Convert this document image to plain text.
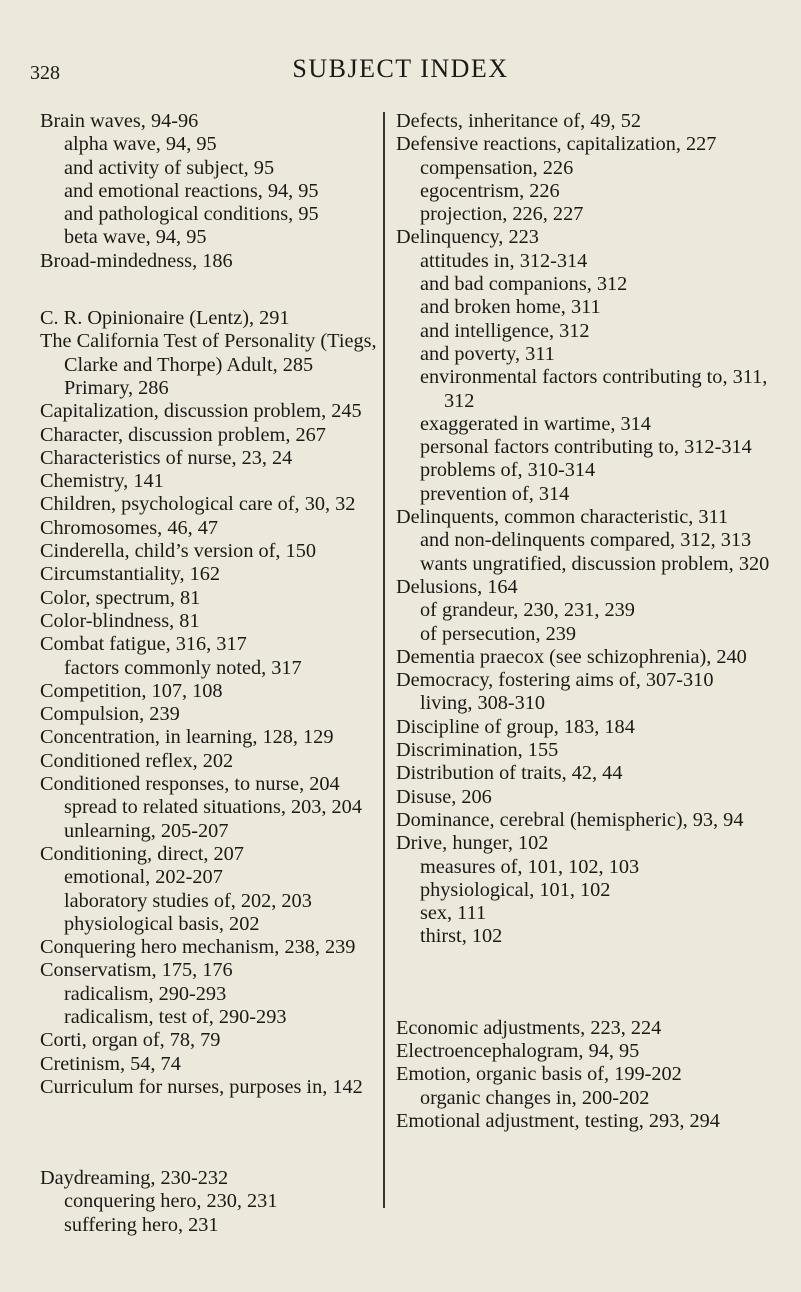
328	SUBJECT INDEX
Brain waves, 94-96
alpha wave, 94, 95
and activity of subject, 95
and emotional reactions, 94, 95
and pathological conditions, 95
beta wave, 94, 95
Broad-mindedness, 186
C. R. Opinionaire (Lentz), 291
The California Test of Personality (Tiegs, Clarke and Thorpe) Adult, 285
Primary, 286
Capitalization, discussion problem, 245
Character, discussion problem, 267
Characteristics of nurse, 23, 24
Chemistry, 141
Children, psychological care of, 30, 32
Chromosomes, 46, 47
Cinderella, child’s version of, 150
Circumstantiality, 162
Color, spectrum, 81
Color-blindness, 81
Combat fatigue, 316, 317
factors commonly noted, 317
Competition, 107, 108
Compulsion, 239
Concentration, in learning, 128, 129
Conditioned reflex, 202
Conditioned responses, to nurse, 204
spread to related situations, 203, 204
unlearning, 205-207
Conditioning, direct, 207
emotional, 202-207
laboratory studies of, 202, 203
physiological basis, 202
Conquering hero mechanism, 238, 239
Conservatism, 175, 176
radicalism, 290-293
radicalism, test of, 290-293
Corti, organ of, 78, 79
Cretinism, 54, 74
Curriculum for nurses, purposes in, 142
Daydreaming, 230-232
conquering hero, 230, 231
suffering hero, 231
Defects, inheritance of, 49, 52
Defensive reactions, capitalization, 227
compensation, 226
egocentrism, 226
projection, 226, 227
Delinquency, 223
attitudes in, 312-314
and bad companions, 312
and broken home, 311
and intelligence, 312
and poverty, 311
environmental factors contributing to, 311, 312
exaggerated in wartime, 314
personal factors contributing to, 312-314
problems of, 310-314
prevention of, 314
Delinquents, common characteristic, 311
and non-delinquents compared, 312, 313
wants ungratified, discussion problem, 320
Delusions, 164
of grandeur, 230, 231, 239
of persecution, 239
Dementia praecox (see schizophrenia), 240
Democracy, fostering aims of, 307-310
living, 308-310
Discipline of group, 183, 184
Discrimination, 155
Distribution of traits, 42, 44
Disuse, 206
Dominance, cerebral (hemispheric), 93, 94
Drive, hunger, 102
measures of, 101, 102, 103
physiological, 101, 102
sex, 111
thirst, 102
Economic adjustments, 223, 224
Electroencephalogram, 94, 95
Emotion, organic basis of, 199-202
organic changes in, 200-202
Emotional adjustment, testing, 293, 294
